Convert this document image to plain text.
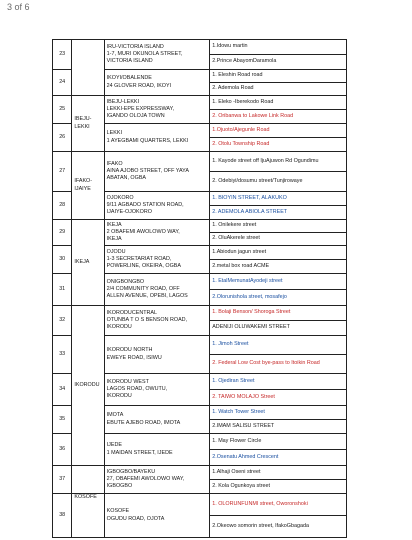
3 of 6
23		IRU-VICTORIA ISLAND
1-7, MURI OKUNOLA STREET,
VICTORIA ISLAND	1.Idowu martin
			2.Prince AbayomDaramola
24		IKOYI/OBALENDE
24 GLOVER ROAD, IKOYI	1. Eleshin Road road
			2. Ademola Road
25	IBEJU-LEKKI	IBEJU-LEKKI
LEKKI-EPE EXPRESSWAY,
IGANDO OLOJA TOWN	1. Eleko -Iberekodo Road
			2. Oribanwa to Lakowe Link Road
26		LEKKI
1 AYEGBAMI QUARTERS, LEKKI	1.Ojuoto/Ajegunle Road
			2. Otolu Township Road
27	IFAKO-IJAIYE	IFAKO
AINA AJOBO STREET, OFF YAYA
ABATAN, OGBA	1. Kayode street off IjuAjuwon Rd Ogundimu
			2. Odebiyi/dosumu street/Tunjirowaye
28		OJOKORO
9/11 AGBADO STATION ROAD,
IJAIYE-OJOKORO	1. BIOYIN STREET, ALAKUKO
			2. ADEMOLA ABIOLA STREET
29	IKEJA	IKEJA
2 OBAFEMI AWOLOWO WAY,
IKEJA	1. Onilekere street
			2. OluAkerele street
30		OJODU
1-3 SECRETARIAT ROAD,
POWERLINE, OKEIRA, OGBA	1.Abiodun jagun street
			2.metal box road ACME
31		ONIGBONGBO
2/4 COMMUNITY ROAD, OFF
ALLEN AVENUE, OPEBI, LAGOS	1. EtalMemunatAyodeji street
			2.Olorunishola street, mosafejo
32	IKORODU	IKORODUCENTRAL
OTUNBA T O S BENSON ROAD,
IKORODU	1. Bolaji Benson/ Shoroga Street
			ADENIJI OLUWAKEMI STREET
33		IKORODU NORTH
EWEYE ROAD, ISIWU	1. Jimoh Street
			2. Federal Low Cost bye-pass to Itoikin Road
34		IKORODU WEST
LAGOS ROAD, OWUTU,
IKORODU	1. Ojediran Street
			2. TAIWO MOLAJO Street
35		IMOTA
EBUTE AJEBO ROAD, IMOTA	1. Watch Tower Street
			2.IMAM SALISU STREET
36		IJEDE
1 MAIDAN STREET, IJEDE	1. May Flower Circle
			2.Osenatu Ahmed Crescent
37		IGBOGBO/BAYEKU
27, OBAFEMI AWOLOWO WAY,
IGBOGBO	1.Alhaji Oseni street
			2. Kola Ogunkoya street
38	KOSOFE	KOSOFE
OGUDU ROAD, OJOTA	1. OLORUNFUNMI street, Oworonshoki
			2.Okeowo somorin street, IfakoGbagada
